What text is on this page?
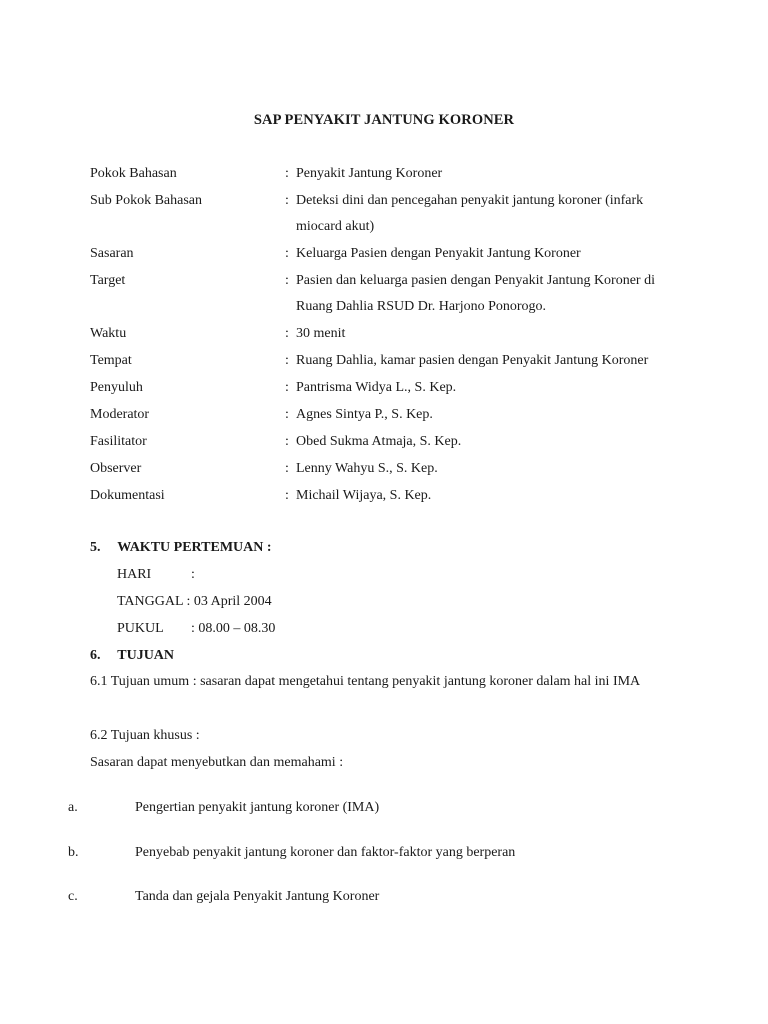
SAP PENYAKIT JANTUNG KORONER
Pokok Bahasan	: Penyakit Jantung Koroner
Sub Pokok Bahasan	: Deteksi dini dan pencegahan penyakit jantung koroner (infark miocard akut)
Sasaran	: Keluarga Pasien dengan Penyakit Jantung Koroner
Target	: Pasien dan keluarga pasien dengan Penyakit Jantung Koroner di Ruang Dahlia RSUD Dr. Harjono Ponorogo.
Waktu	: 30 menit
Tempat	: Ruang Dahlia, kamar pasien dengan Penyakit Jantung Koroner
Penyuluh	: Pantrisma Widya L., S. Kep.
Moderator	: Agnes Sintya P., S. Kep.
Fasilitator	: Obed Sukma Atmaja, S. Kep.
Observer	: Lenny Wahyu S., S. Kep.
Dokumentasi	: Michail Wijaya, S. Kep.
5. WAKTU PERTEMUAN :
HARI	:
TANGGAL : 03 April 2004
PUKUL : 08.00 – 08.30
6. TUJUAN
6.1 Tujuan umum : sasaran dapat mengetahui tentang penyakit jantung koroner dalam hal ini IMA
6.2 Tujuan khusus :
Sasaran dapat menyebutkan dan memahami :
a.	Pengertian penyakit jantung koroner (IMA)
b.	Penyebab penyakit jantung koroner dan faktor-faktor yang berperan
c.	Tanda dan gejala Penyakit Jantung Koroner
